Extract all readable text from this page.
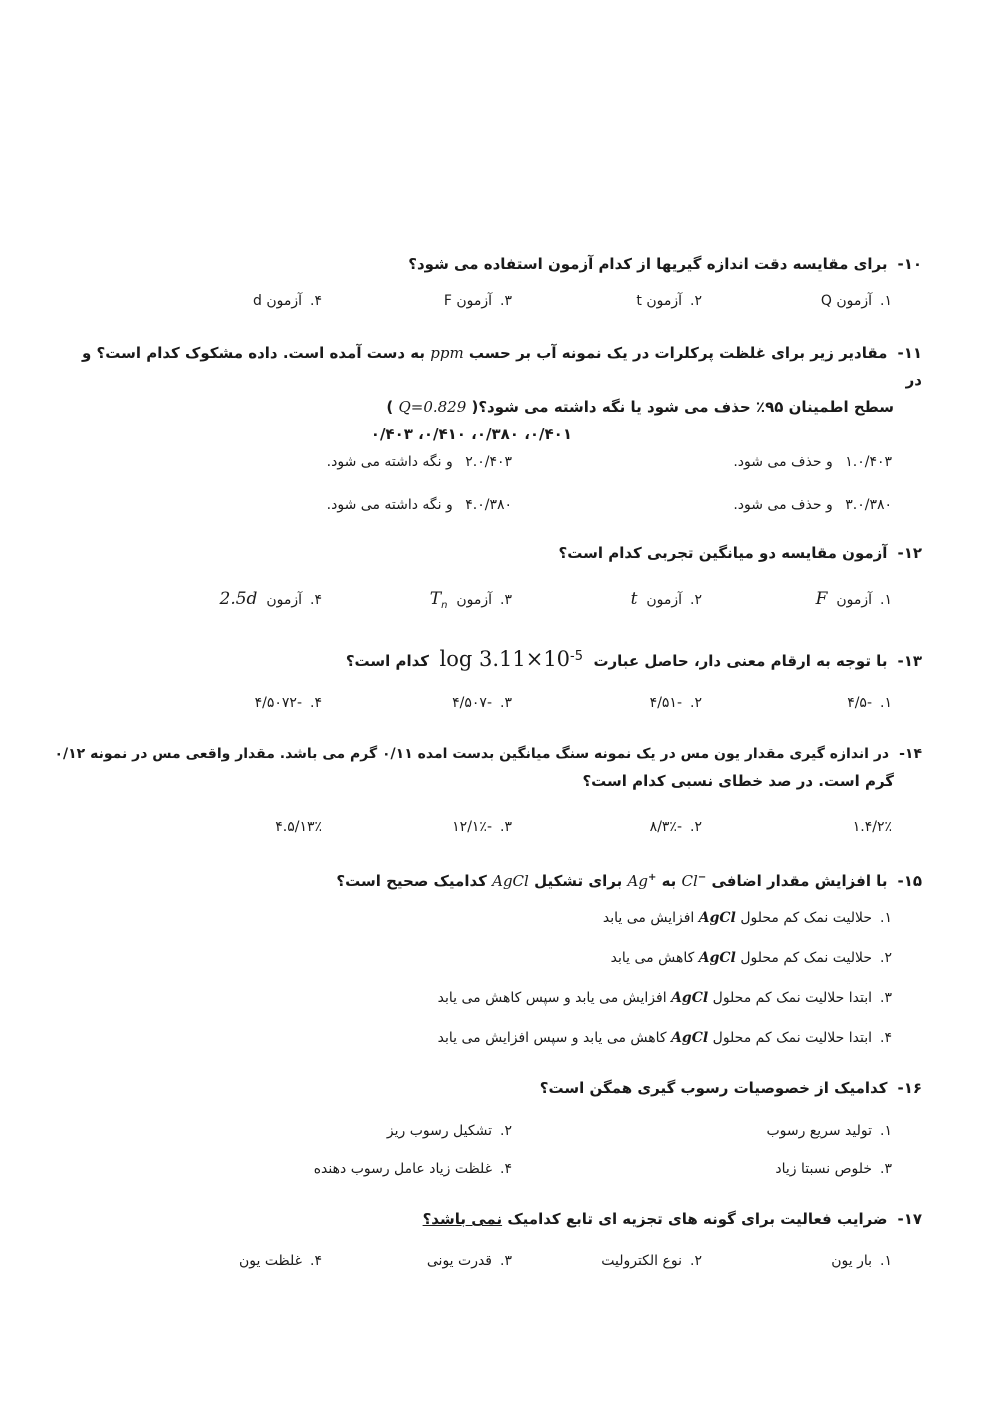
۱۰-برای مقایسه دقت اندازه گیریها از کدام آزمون استفاده می شود؟
۱.آزمون Q
۲.آزمون t
۳.آزمون F
۴.آزمون d
۱۱-مقادیر زیر برای غلظت پرکلرات در یک نمونه آب بر حسب ppm به دست آمده است. داده مشکوک کدام است؟ و در
سطح اطمینان ۹۵٪ حذف می شود یا نگه داشته می شود؟( Q=0.829 )
۰/۴۰۱، ۰/۳۸۰، ۰/۴۱۰، ۰/۴۰۳
۱.۰/۴۰۳ و حذف می شود.
۲.۰/۴۰۳ و نگه داشته می شود.
۳.۰/۳۸۰ و حذف می شود.
۴.۰/۳۸۰ و نگه داشته می شود.
۱۲-آزمون مقایسه دو میانگین تجربی کدام است؟
۱.آزمون  F
۲.آزمون  t
۳.آزمون  $T_n$
۴.آزمون  2.5d
۱۳-با توجه به ارقام معنی دار، حاصل عبارت  log 3.11×10-5  کدام است؟
۱.-۴/۵
۲.-۴/۵۱
۳.-۴/۵۰۷
۴.-۴/۵۰۷۲
۱۴-در اندازه گیری مقدار یون مس در یک نمونه سنگ میانگین بدست امده ۰/۱۱ گرم می باشد. مقدار واقعی مس در نمونه ۰/۱۲
گرم است. در صد خطای نسبی کدام است؟
۱.۴/۲٪
۲.-۸/۳٪
۳.-۱۲/۱٪
۴.۵/۱۳٪
۱۵-با افزایش مقدار اضافی Cl− به Ag+ برای تشکیل AgCl کدامیک صحیح است؟
۱.حلالیت نمک کم محلول AgCl افزایش می یابد
۲.حلالیت نمک کم محلول AgCl کاهش می یابد
۳.ابتدا حلالیت نمک کم محلول AgCl افزایش می یابد و سپس کاهش می یابد
۴.ابتدا حلالیت نمک کم محلول AgCl کاهش می یابد و سپس افزایش می یابد
۱۶-کدامیک از خصوصیات رسوب گیری همگن است؟
۱.تولید سریع رسوب
۲.تشکیل رسوب ریز
۳.خلوص نسبتا زیاد
۴.غلظت زیاد عامل رسوب دهنده
۱۷-ضرایب فعالیت برای گونه های تجزیه ای تابع کدامیک نمی باشد؟
۱.بار یون
۲.نوع الکترولیت
۳.قدرت یونی
۴.غلظت یون
